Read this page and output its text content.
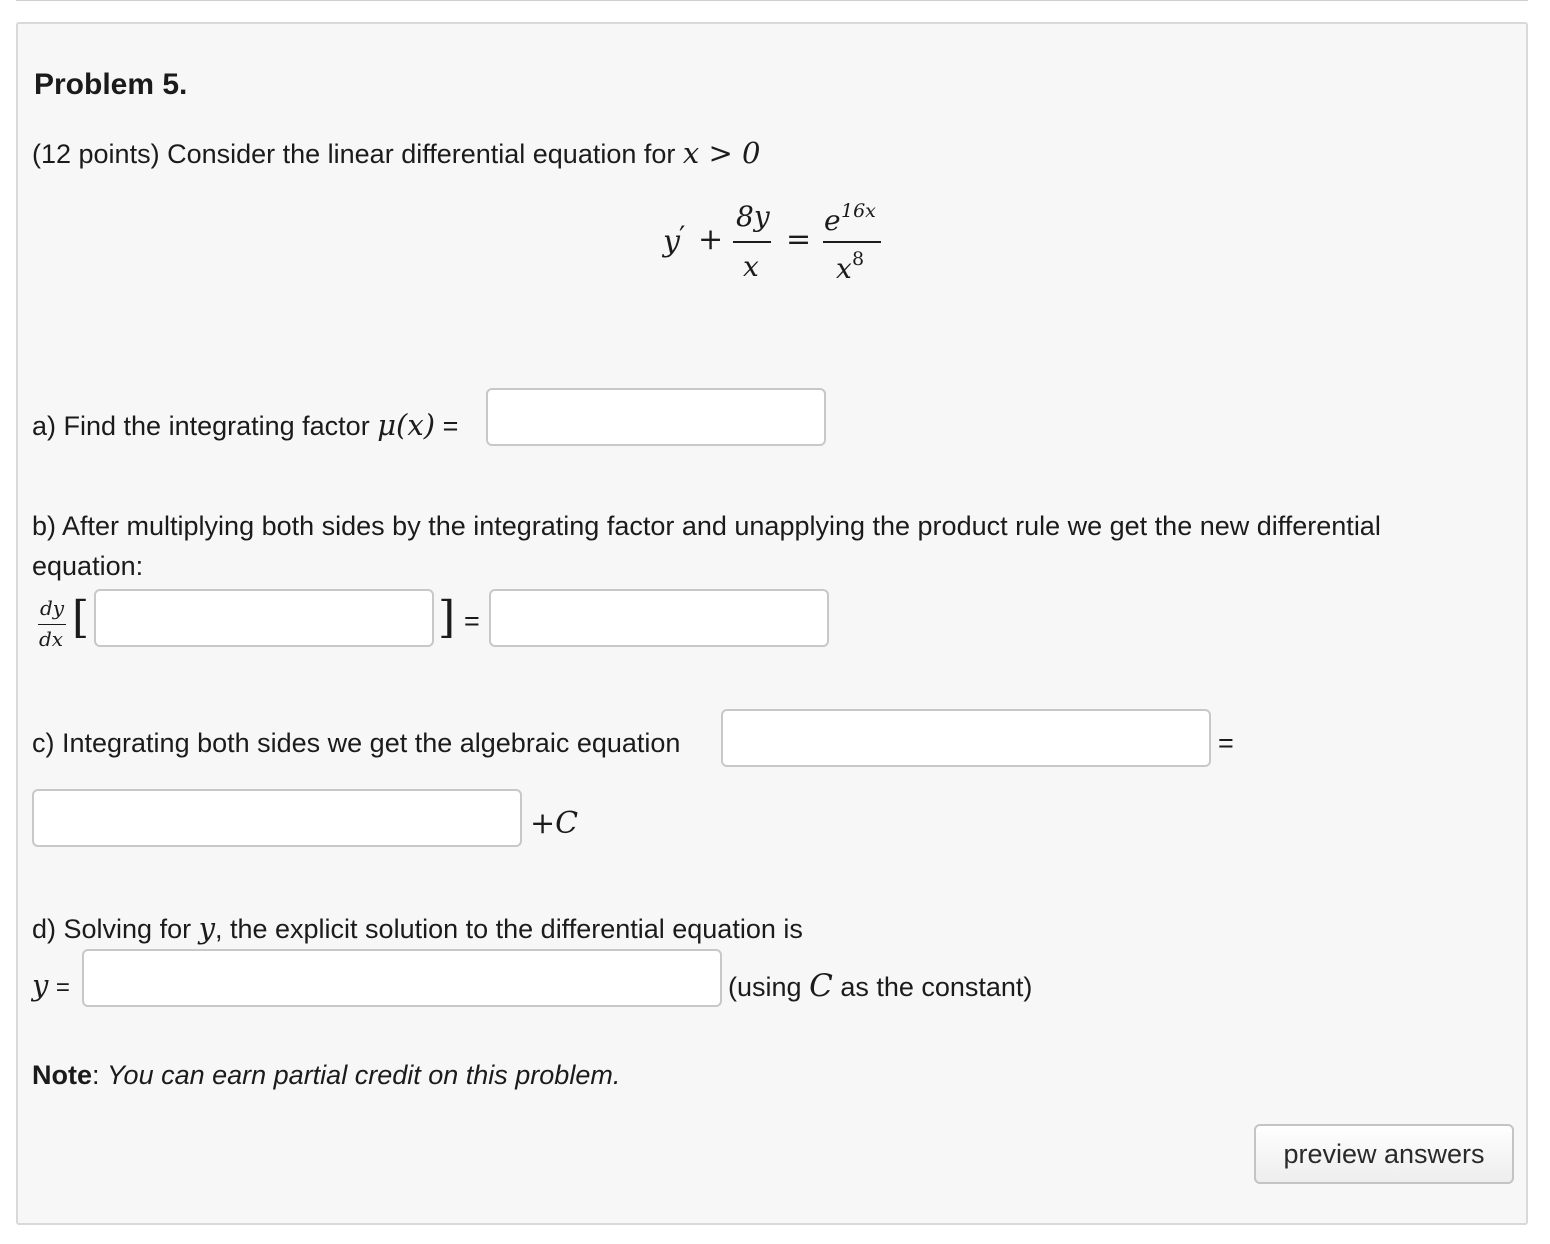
Problem 5.
(12 points) Consider the linear differential equation for x > 0
y ′ +
8y
x
=
e 16x
x 8
a) Find the integrating factor μ(x) =
b) After multiplying both sides by the integrating factor and unapplying the product rule we get the new differential
equation:
dy
dx [	] =
c) Integrating both sides we get the algebraic equation	=
+C
d) Solving for y, the explicit solution to the differential equation is
y =	(using C as the constant)
Note: You can earn partial credit on this problem.
preview answers
